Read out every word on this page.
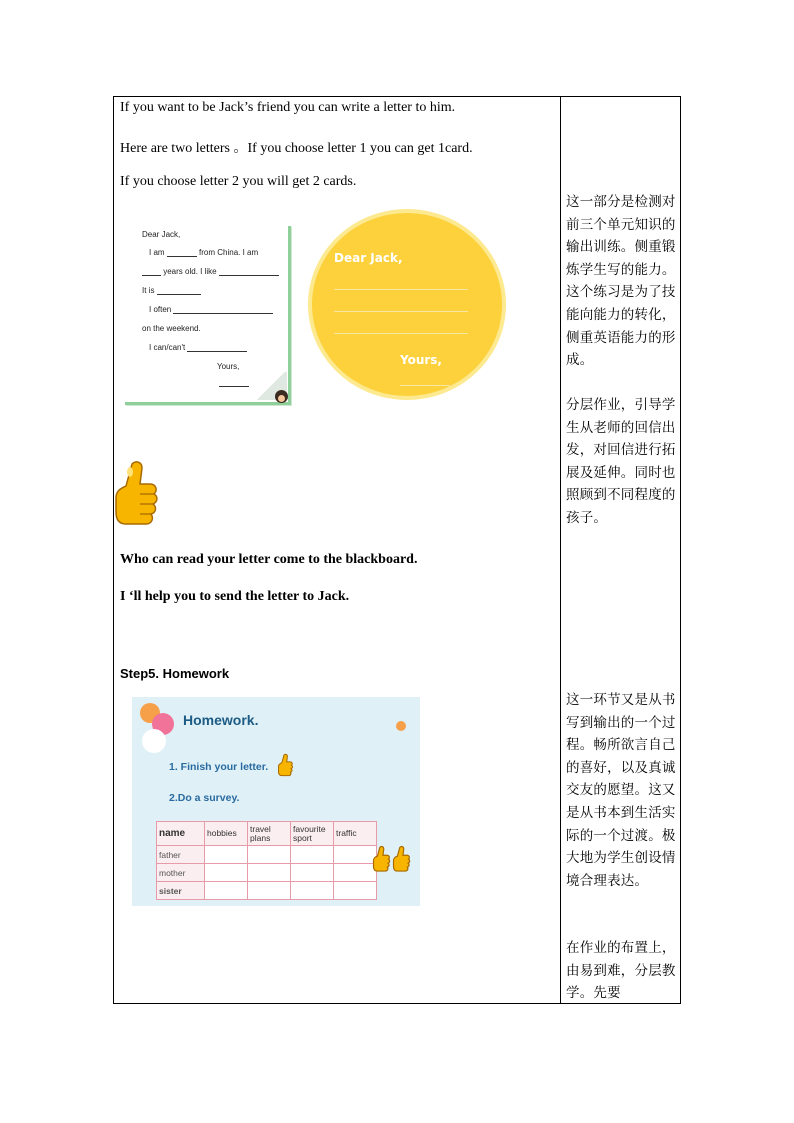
If you want to be Jack’s friend you can write a letter to him.
Here are two letters 。If you choose letter 1 you can get 1card.
If you choose letter 2 you will get 2 cards.
Dear Jack,
I am	from China. I am
years old. I like
It is
I often
on the weekend.
I can/can't
Yours,
Dear Jack,
Yours,
Who can read your letter come to the blackboard.
I ‘ll help you to send the letter to Jack.
Step5. Homework
Homework.
1. Finish your letter.
2.Do a survey.
name	hobbies	travel plans	favourite sport	traffic
father				
mother				
sister				
这一部分是检测对前三个单元知识的输出训练。侧重锻炼学生写的能力。这个练习是为了技能向能力的转化，侧重英语能力的形成。
分层作业，引导学生从老师的回信出发，对回信进行拓展及延伸。同时也照顾到不同程度的孩子。
这一环节又是从书写到输出的一个过程。畅所欲言自己的喜好，以及真诚交友的愿望。这又是从书本到生活实际的一个过渡。极大地为学生创设情境合理表达。
在作业的布置上，由易到难，分层教学。先要
